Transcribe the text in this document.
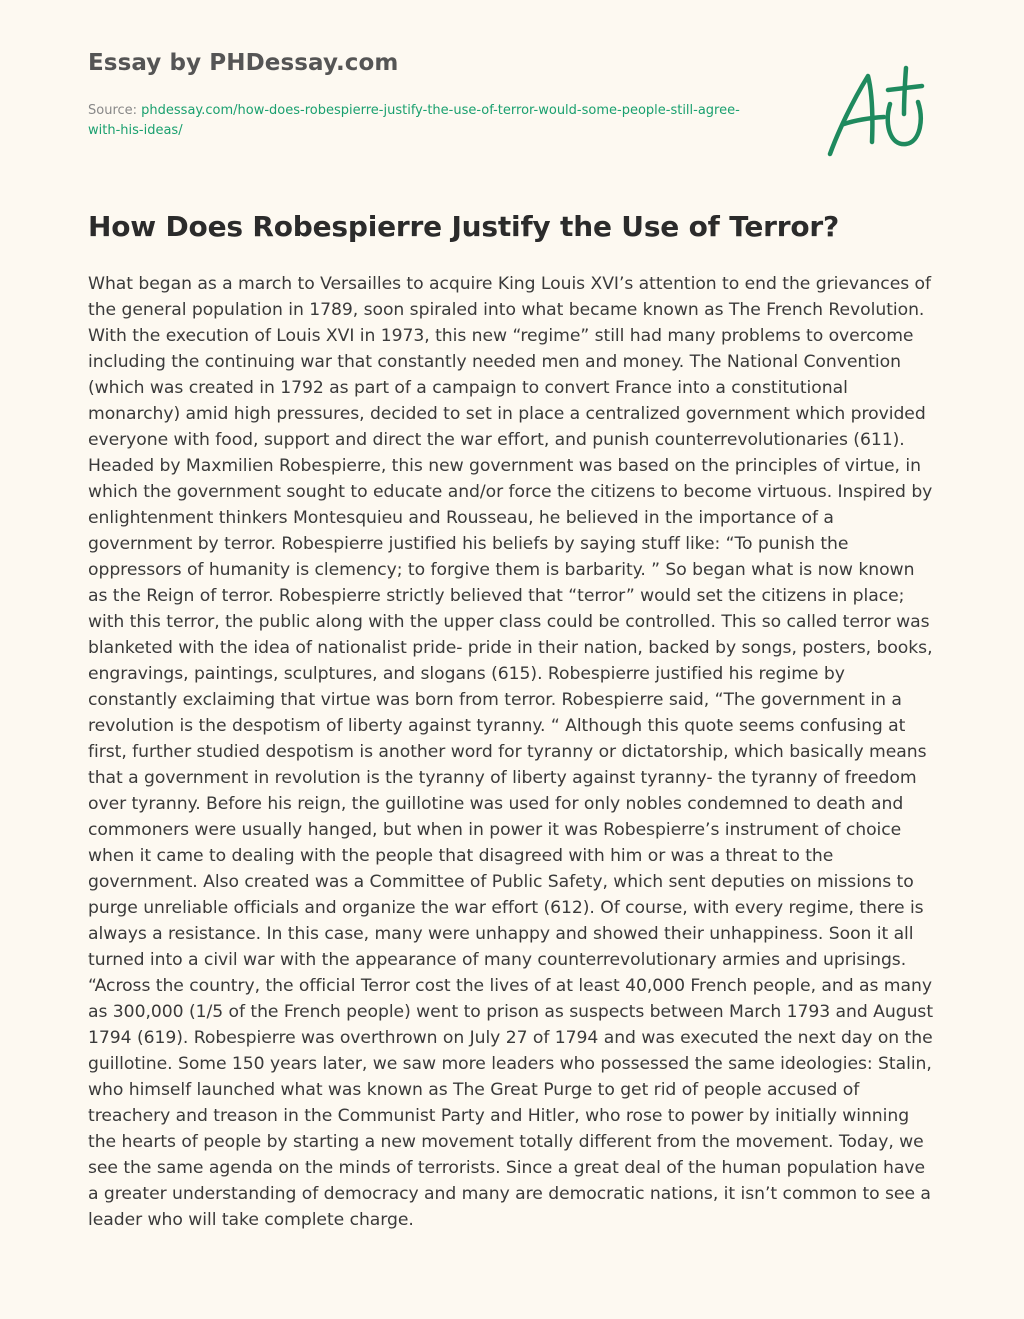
Essay by PHDessay.com

Source: phdessay.com/how-does-robespierre-justify-the-use-of-terror-would-some-people-still-agree-with-his-ideas/

How Does Robespierre Justify the Use of Terror?

What began as a march to Versailles to acquire King Louis XVI’s attention to end the grievances of the general population in 1789, soon spiraled into what became known as The French Revolution. With the execution of Louis XVI in 1973, this new “regime” still had many problems to overcome including the continuing war that constantly needed men and money. The National Convention (which was created in 1792 as part of a campaign to convert France into a constitutional monarchy) amid high pressures, decided to set in place a centralized government which provided everyone with food, support and direct the war effort, and punish counterrevolutionaries (611). Headed by Maxmilien Robespierre, this new government was based on the principles of virtue, in which the government sought to educate and/or force the citizens to become virtuous. Inspired by enlightenment thinkers Montesquieu and Rousseau, he believed in the importance of a government by terror. Robespierre justified his beliefs by saying stuff like: “To punish the oppressors of humanity is clemency; to forgive them is barbarity. ” So began what is now known as the Reign of terror. Robespierre strictly believed that “terror” would set the citizens in place; with this terror, the public along with the upper class could be controlled. This so called terror was blanketed with the idea of nationalist pride- pride in their nation, backed by songs, posters, books, engravings, paintings, sculptures, and slogans (615). Robespierre justified his regime by constantly exclaiming that virtue was born from terror. Robespierre said, “The government in a revolution is the despotism of liberty against tyranny. “ Although this quote seems confusing at first, further studied despotism is another word for tyranny or dictatorship, which basically means that a government in revolution is the tyranny of liberty against tyranny- the tyranny of freedom over tyranny. Before his reign, the guillotine was used for only nobles condemned to death and commoners were usually hanged, but when in power it was Robespierre’s instrument of choice when it came to dealing with the people that disagreed with him or was a threat to the government. Also created was a Committee of Public Safety, which sent deputies on missions to purge unreliable officials and organize the war effort (612). Of course, with every regime, there is always a resistance. In this case, many were unhappy and showed their unhappiness. Soon it all turned into a civil war with the appearance of many counterrevolutionary armies and uprisings. “Across the country, the official Terror cost the lives of at least 40,000 French people, and as many as 300,000 (1/5 of the French people) went to prison as suspects between March 1793 and August 1794 (619). Robespierre was overthrown on July 27 of 1794 and was executed the next day on the guillotine. Some 150 years later, we saw more leaders who possessed the same ideologies: Stalin, who himself launched what was known as The Great Purge to get rid of people accused of treachery and treason in the Communist Party and Hitler, who rose to power by initially winning the hearts of people by starting a new movement totally different from the movement. Today, we see the same agenda on the minds of terrorists. Since a great deal of the human population have a greater understanding of democracy and many are democratic nations, it isn’t common to see a leader who will take complete charge.
